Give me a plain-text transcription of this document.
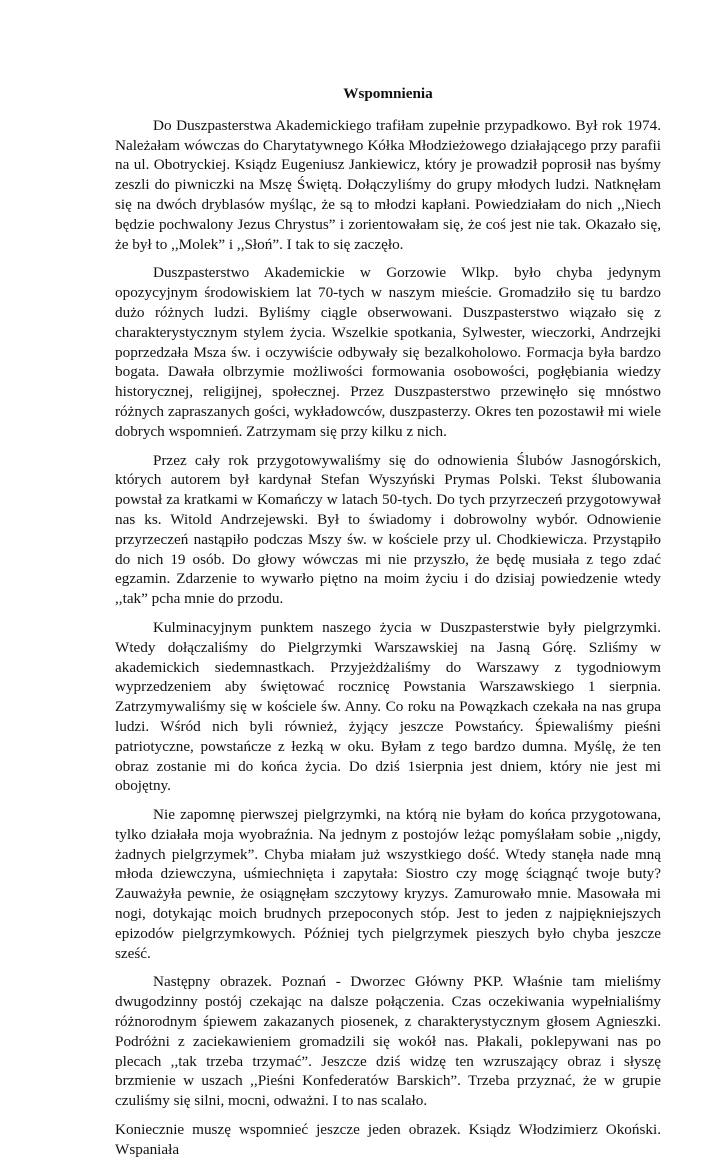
Wspomnienia

Do Duszpasterstwa Akademickiego trafiłam zupełnie przypadkowo. Był rok 1974. Należałam wówczas do Charytatywnego Kółka Młodzieżowego działającego przy parafii na ul. Obotryckiej. Ksiądz Eugeniusz Jankiewicz, który je prowadził poprosił nas byśmy zeszli do piwniczki na Mszę Świętą. Dołączyliśmy do grupy młodych ludzi. Natknęłam się na dwóch dryblasów myśląc, że są to młodzi kapłani. Powiedziałam do nich ,,Niech będzie pochwalony Jezus Chrystus” i zorientowałam się, że coś jest nie tak. Okazało się, że był to ,,Molek” i ,,Słoń”. I tak to się zaczęło.

Duszpasterstwo Akademickie w Gorzowie Wlkp. było chyba jedynym opozycyjnym środowiskiem lat 70-tych w naszym mieście. Gromadziło się tu bardzo dużo różnych ludzi. Byliśmy ciągle obserwowani. Duszpasterstwo wiązało się z charakterystycznym stylem życia. Wszelkie spotkania, Sylwester, wieczorki, Andrzejki poprzedzała Msza św. i oczywiście odbywały się bezalkoholowo. Formacja była bardzo bogata. Dawała olbrzymie możliwości formowania osobowości, pogłębiania wiedzy historycznej, religijnej, społecznej. Przez Duszpasterstwo przewinęło się mnóstwo różnych zapraszanych gości, wykładowców, duszpasterzy. Okres ten pozostawił mi wiele dobrych wspomnień. Zatrzymam się przy kilku z nich.

Przez cały rok przygotowywaliśmy się do odnowienia Ślubów Jasnogórskich, których autorem był kardynał Stefan Wyszyński Prymas Polski. Tekst ślubowania powstał za kratkami w Komańczy w latach 50-tych. Do tych przyrzeczeń przygotowywał nas ks. Witold Andrzejewski. Był to świadomy i dobrowolny wybór. Odnowienie przyrzeczeń nastąpiło podczas Mszy św. w kościele przy ul. Chodkiewicza. Przystąpiło do nich 19 osób. Do głowy wówczas mi nie przyszło, że będę musiała z tego zdać egzamin. Zdarzenie to wywarło piętno na moim życiu i do dzisiaj powiedzenie wtedy ,,tak” pcha mnie do przodu.

Kulminacyjnym punktem naszego życia w Duszpasterstwie były pielgrzymki. Wtedy dołączaliśmy do Pielgrzymki Warszawskiej na Jasną Górę. Szliśmy w akademickich siedemnastkach. Przyjeżdżaliśmy do Warszawy z tygodniowym wyprzedzeniem aby świętować rocznicę Powstania Warszawskiego 1 sierpnia. Zatrzymywaliśmy się w kościele św. Anny. Co roku na Powązkach czekała na nas grupa ludzi. Wśród nich byli również, żyjący jeszcze Powstańcy. Śpiewaliśmy pieśni patriotyczne, powstańcze z łezką w oku. Byłam z tego bardzo dumna. Myślę, że ten obraz zostanie mi do końca życia. Do dziś 1sierpnia jest dniem, który nie jest mi obojętny.

Nie zapomnę pierwszej pielgrzymki, na którą nie byłam do końca przygotowana, tylko działała moja wyobraźnia. Na jednym z postojów leżąc pomyślałam sobie ,,nigdy, żadnych pielgrzymek”. Chyba miałam już wszystkiego dość. Wtedy stanęła nade mną młoda dziewczyna, uśmiechnięta i zapytała: Siostro czy mogę ściągnąć twoje buty? Zauważyła pewnie, że osiągnęłam szczytowy kryzys. Zamurowało mnie. Masowała mi nogi, dotykając moich brudnych przepoconych stóp. Jest to jeden z najpiękniejszych epizodów pielgrzymkowych. Później tych pielgrzymek pieszych było chyba jeszcze sześć.

Następny obrazek. Poznań - Dworzec Główny PKP. Właśnie tam mieliśmy dwugodzinny postój czekając na dalsze połączenia. Czas oczekiwania wypełnialiśmy różnorodnym śpiewem zakazanych piosenek, z charakterystycznym głosem Agnieszki. Podróżni z zaciekawieniem gromadzili się wokół nas. Płakali, poklepywani nas po plecach ,,tak trzeba trzymać”. Jeszcze dziś widzę ten wzruszający obraz i słyszę brzmienie w uszach ,,Pieśni Konfederatów Barskich”. Trzeba przyznać, że w grupie czuliśmy się silni, mocni, odważni. I to nas scalało.

Koniecznie muszę wspomnieć jeszcze jeden obrazek. Ksiądz Włodzimierz Okoński. Wspaniała
